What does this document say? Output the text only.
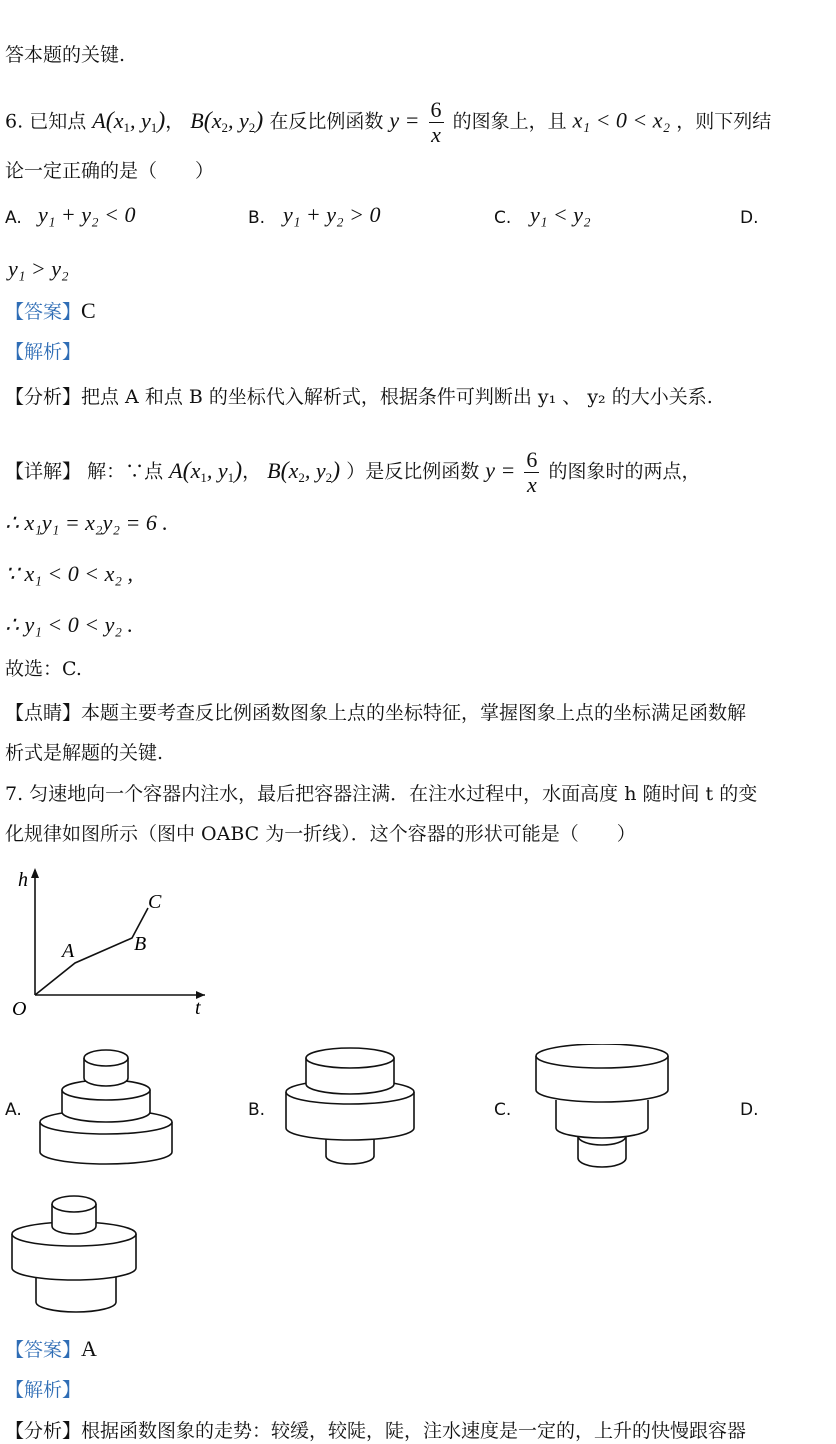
答本题的关键.
6. 已知点 $A(x_1$, $y_1$)， $B(x_2$, $y_2$) 在反比例函数 $y = \frac{6}{x}$ 的图象上，且 x₁ < 0 < x₂ ，则下列结
论一定正确的是（　　）
A. y₁ + y₂ < 0	B. y₁ + y₂ > 0	C. y₁ < y₂	D.
y₁ > y₂
【答案】C
【解析】
【分析】把点 A 和点 B 的坐标代入解析式，根据条件可判断出 y₁ 、 y₂ 的大小关系.
【详解】 解：∵点 $A(x_1$, $y_1$)， $B(x_2$, $y_2$) ）是反比例函数 $y = \frac{6}{x}$ 的图象时的两点，
∴ x₁y₁ = x₂y₂ = 6 .
∵ x₁ < 0 < x₂ ,
∴ y₁ < 0 < y₂ .
故选：C.
【点睛】本题主要考查反比例函数图象上点的坐标特征，掌握图象上点的坐标满足函数解
析式是解题的关键.
7. 匀速地向一个容器内注水，最后把容器注满．在注水过程中，水面高度 h 随时间 t 的变
化规律如图所示（图中 OABC 为一折线）．这个容器的形状可能是（　　）
h
t
O
A	B
C
A.	B.	C.	D.
【答案】A
【解析】
【分析】根据函数图象的走势：较缓，较陡，陡，注水速度是一定的，上升的快慢跟容器
